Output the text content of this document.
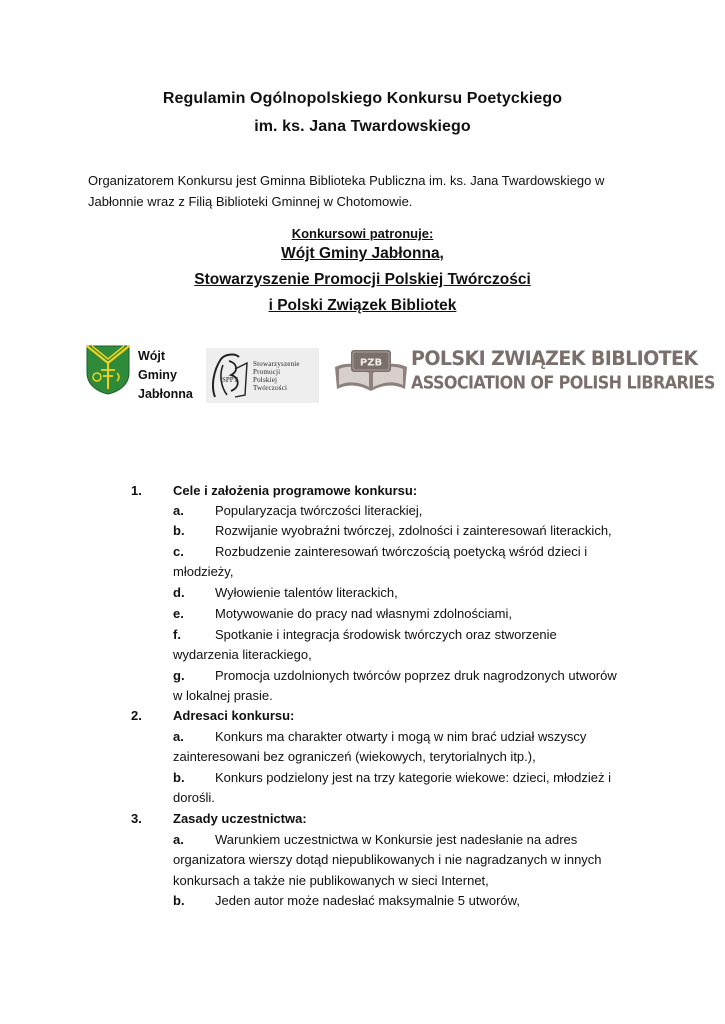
Regulamin Ogólnopolskiego Konkursu Poetyckiego
im. ks. Jana Twardowskiego
Organizatorem Konkursu jest Gminna Biblioteka Publiczna im. ks. Jana Twardowskiego w
Jabłonnie wraz z Filią Biblioteki Gminnej w Chotomowie.
Konkursowi patronuje:
Wójt Gminy Jabłonna,
Stowarzyszenie Promocji Polskiej Twórczości
i Polski Związek Bibliotek
Wójt
Gminy
Jabłonna
SPPT
Stowarzyszenie
Promocji
Polskiej
Twórczości
PZB POLSKI ZWIĄZEK BIBLIOTEK
ASSOCIATION OF POLISH LIBRARIES
1. Cele i założenia programowe konkursu:
a. Popularyzacja twórczości literackiej,
b. Rozwijanie wyobraźni twórczej, zdolności i zainteresowań literackich,
c. Rozbudzenie zainteresowań twórczością poetycką wśród dzieci i
młodzieży,
d. Wyłowienie talentów literackich,
e. Motywowanie do pracy nad własnymi zdolnościami,
f.	Spotkanie i integracja środowisk twórczych oraz stworzenie
wydarzenia literackiego,
g. Promocja uzdolnionych twórców poprzez druk nagrodzonych utworów
w lokalnej prasie.
2. Adresaci konkursu:
a. Konkurs ma charakter otwarty i mogą w nim brać udział wszyscy
zainteresowani bez ograniczeń (wiekowych, terytorialnych itp.),
b. Konkurs podzielony jest na trzy kategorie wiekowe: dzieci, młodzież i
dorośli.
3. Zasady uczestnictwa:
a. Warunkiem uczestnictwa w Konkursie jest nadesłanie na adres
organizatora wierszy dotąd niepublikowanych i nie nagradzanych w innych
konkursach a także nie publikowanych w sieci Internet,
b. Jeden autor może nadesłać maksymalnie 5 utworów,
